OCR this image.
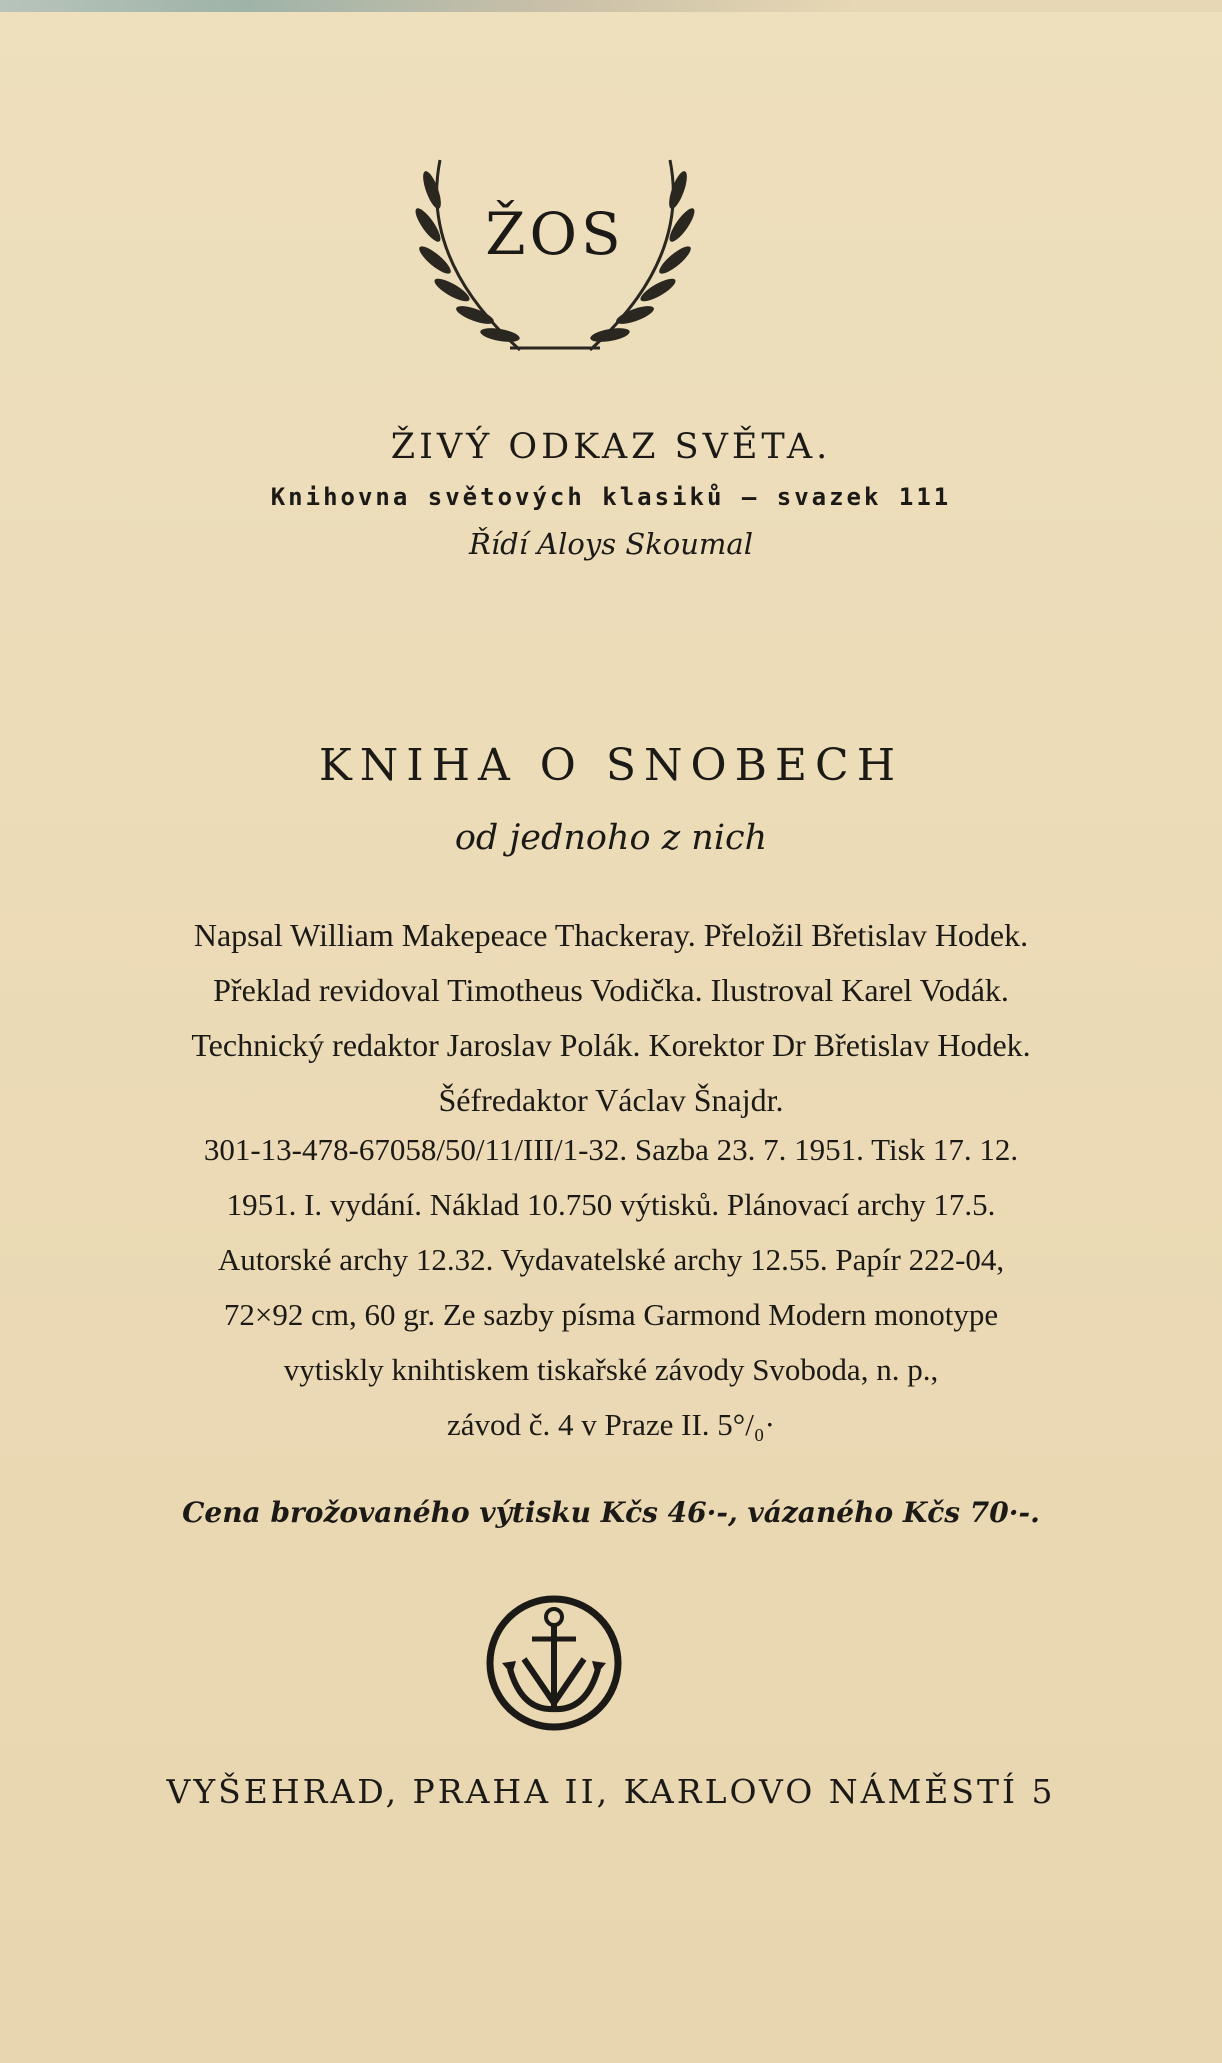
ŽOS
ŽIVÝ ODKAZ SVĚTA.
Knihovna světových klasiků — svazek 111
Řídí Aloys Skoumal
KNIHA O SNOBECH
od jednoho z nich
Napsal William Makepeace Thackeray. Přeložil Břetislav Hodek.
Překlad revidoval Timotheus Vodička. Ilustroval Karel Vodák.
Technický redaktor Jaroslav Polák. Korektor Dr Břetislav Hodek.
Šéfredaktor Václav Šnajdr.
301-13-478-67058/50/11/III/1-32. Sazba 23. 7. 1951. Tisk 17. 12.
1951. I. vydání. Náklad 10.750 výtisků. Plánovací archy 17.5.
Autorské archy 12.32. Vydavatelské archy 12.55. Papír 222-04,
72×92 cm, 60 gr. Ze sazby písma Garmond Modern monotype
vytiskly knihtiskem tiskařské závody Svoboda, n. p.,
závod č. 4 v Praze II. 5°/₀·
Cena brožovaného výtisku Kčs 46·-, vázaného Kčs 70·-.
VYŠEHRAD, PRAHA II, KARLOVO NÁMĚSTÍ 5
